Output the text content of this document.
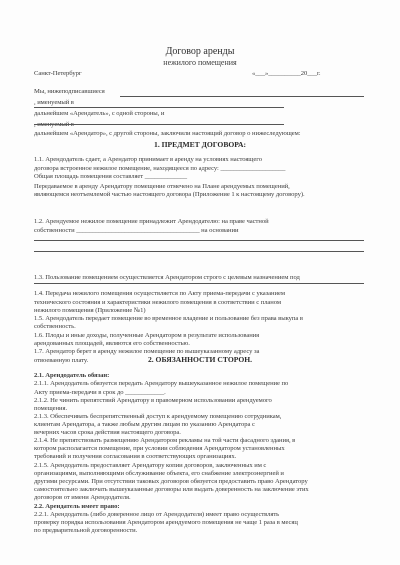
Договор аренды
нежилого помещения
Санкт-Петербург	«___»__________20___г.
Мы, нижеподписавшиеся
, именуемый в
дальнейшем «Арендатель», с одной стороны, и
, именуемый в
дальнейшем «Арендатор», с другой стороны, заключили настоящий договор о нижеследующем:
1.1. Арендодатель сдает, а Арендатор принимает в аренду на условиях настоящего
договора встроенное нежилое помещение, находящееся по адресу: ____________________
Общая площадь помещения составляет _____________
Передаваемое в аренду Арендатору помещение отмечено на Плане арендуемых помещений,
являющемся неотъемлемой частью настоящего договора (Приложение 1 к настоящему договору).
1.2. Арендуемое нежилое помещение принадлежит Арендодателю: на праве частной
собственности ______________________________________ на основании
1.3. Пользование помещением осуществляется Арендатором строго с целевым назначением под
1.4. Передача нежилого помещения осуществляется по Акту приема-передачи с указанием
технического состояния и характеристики нежилого помещения в соответствии с планом
нежилого помещения (Приложение №1)
1.5. Арендодатель передает помещение во временное владение и пользование без права выкупа в
собственность.
1.6. Плоды и иные доходы, полученные Арендатором в результате использования
арендованных площадей, являются его собственностью.
1.7. Арендатор берет в аренду нежилое помещение по вышеуказанному адресу за
отвоеванную плату.
2.1. Арендодатель обязан:
2.1.1. Арендодатель обязуется передать Арендатору вышеуказанное нежилое помещение по
Акту приема-передачи в срок до ____________.
2.1.2. Не чинить препятствий Арендатору в правомерном использовании арендуемого
помещения.
2.1.3. Обеспечивать беспрепятственный доступ к арендуемому помещению сотрудникам,
клиентам Арендатора, а также любым другим лицам по указанию Арендатора с
вечерних часов срока действия настоящего договора.
2.1.4. Не препятствовать размещению Арендатором рекламы на той части фасадного здания, в
котором располагается помещение, при условии соблюдения Арендатором установленных
требований и получения согласования в соответствующих организациях.
2.1.5. Арендодатель предоставляет Арендатору копии договоров, заключенных им с
организациями, выполняющими обслуживание объекта, его снабжение электроэнергией и
другими ресурсами. При отсутствии таковых договоров обязуется предоставить право Арендатору
самостоятельно заключать вышеуказанные договоры или выдать доверенность на заключение этих
договоров от имени Арендодателя.
2.2. Арендатель имеет право:
2.2.1. Арендодатель (либо доверенное лицо от Арендодателя) имеет право осуществлять
проверку порядка использования Арендатором арендуемого помещения не чаще 1 раза в месяц
по предварительной договоренности.
1. ПРЕДМЕТ ДОГОВОРА:
2. ОБЯЗАННОСТИ СТОРОН.
